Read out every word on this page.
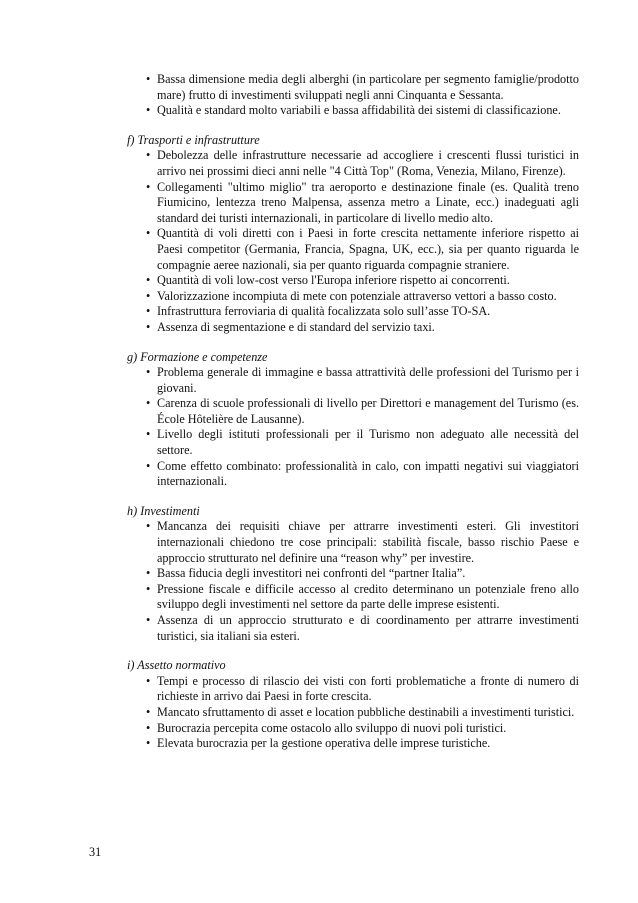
• Bassa dimensione media degli alberghi (in particolare per segmento famiglie/prodotto mare) frutto di investimenti sviluppati negli anni Cinquanta e Sessanta.
• Qualità e standard molto variabili e bassa affidabilità dei sistemi di classificazione.
f) Trasporti e infrastrutture
• Debolezza delle infrastrutture necessarie ad accogliere i crescenti flussi turistici in arrivo nei prossimi dieci anni nelle "4 Città Top" (Roma, Venezia, Milano, Firenze).
• Collegamenti "ultimo miglio" tra aeroporto e destinazione finale (es. Qualità treno Fiumicino, lentezza treno Malpensa, assenza metro a Linate, ecc.) inadeguati agli standard dei turisti internazionali, in particolare di livello medio alto.
• Quantità di voli diretti con i Paesi in forte crescita nettamente inferiore rispetto ai Paesi competitor (Germania, Francia, Spagna, UK, ecc.), sia per quanto riguarda le compagnie aeree nazionali, sia per quanto riguarda compagnie straniere.
• Quantità di voli low-cost verso l'Europa inferiore rispetto ai concorrenti.
• Valorizzazione incompiuta di mete con potenziale attraverso vettori a basso costo.
• Infrastruttura ferroviaria di qualità focalizzata solo sull’asse TO-SA.
• Assenza di segmentazione e di standard del servizio taxi.
g) Formazione e competenze
• Problema generale di immagine e bassa attrattività delle professioni del Turismo per i giovani.
• Carenza di scuole professionali di livello per Direttori e management del Turismo (es. École Hôtelière de Lausanne).
• Livello degli istituti professionali per il Turismo non adeguato alle necessità del settore.
• Come effetto combinato: professionalità in calo, con impatti negativi sui viaggiatori internazionali.
h) Investimenti
• Mancanza dei requisiti chiave per attrarre investimenti esteri. Gli investitori internazionali chiedono tre cose principali: stabilità fiscale, basso rischio Paese e approccio strutturato nel definire una “reason why” per investire.
• Bassa fiducia degli investitori nei confronti del “partner Italia”.
• Pressione fiscale e difficile accesso al credito determinano un potenziale freno allo sviluppo degli investimenti nel settore da parte delle imprese esistenti.
• Assenza di un approccio strutturato e di coordinamento per attrarre investimenti turistici, sia italiani sia esteri.
i) Assetto normativo
• Tempi e processo di rilascio dei visti con forti problematiche a fronte di numero di richieste in arrivo dai Paesi in forte crescita.
• Mancato sfruttamento di asset e location pubbliche destinabili a investimenti turistici.
• Burocrazia percepita come ostacolo allo sviluppo di nuovi poli turistici.
• Elevata burocrazia per la gestione operativa delle imprese turistiche.
31
